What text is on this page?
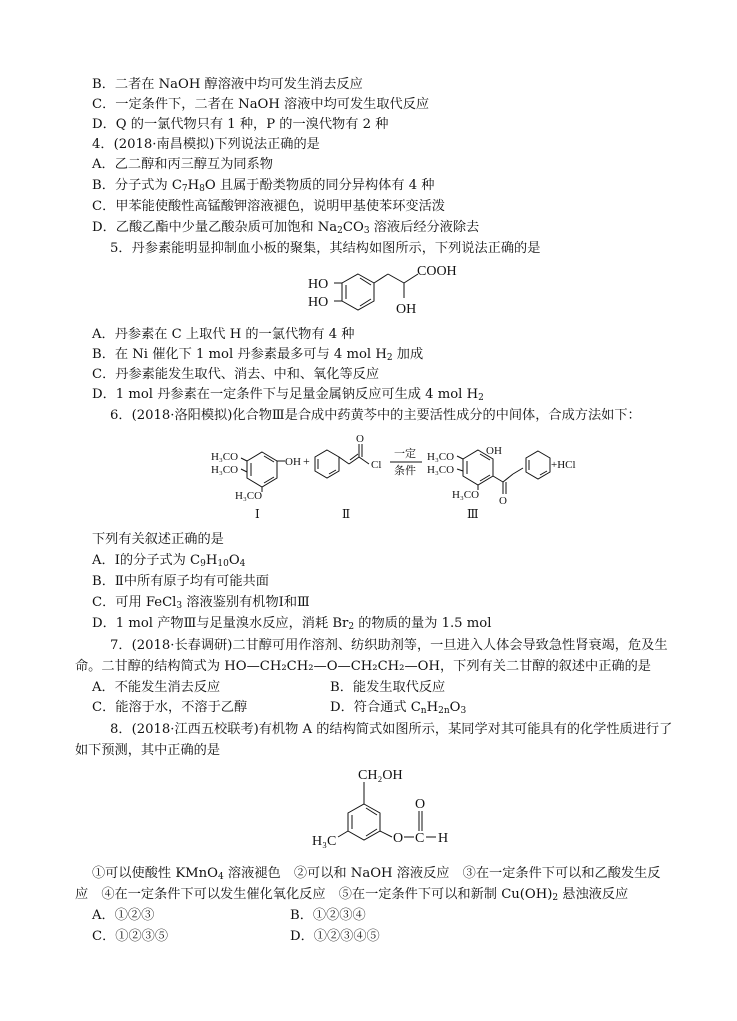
B．二者在 NaOH 醇溶液中均可发生消去反应
C．一定条件下，二者在 NaOH 溶液中均可发生取代反应
D．Q 的一氯代物只有 1 种，P 的一溴代物有 2 种
4．(2018·南昌模拟)下列说法正确的是
A．乙二醇和丙三醇互为同系物
B．分子式为 $C_7H_8O$ 且属于酚类物质的同分异构体有 4 种
C．甲苯能使酸性高锰酸钾溶液褪色，说明甲基使苯环变活泼
D．乙酸乙酯中少量乙酸杂质可加饱和 $Na_2CO_3$ 溶液后经分液除去
5．丹参素能明显抑制血小板的聚集，其结构如图所示，下列说法正确的是
COOH
HO
HO	OH
A．丹参素在 C 上取代 H 的一氯代物有 4 种
B．在 Ni 催化下 1 mol 丹参素最多可与 4 mol $H_2$ 加成
C．丹参素能发生取代、消去、中和、氧化等反应
D．1 mol 丹参素在一定条件下与足量金属钠反应可生成 4 mol $H_2$
6．(2018·洛阳模拟)化合物Ⅲ是合成中药黄芩中的主要活性成分的中间体，合成方法如下：
H₃CO
H₃CO
OH
H₃CO
+
O
Cl
一定
条件
H₃CO
H₃CO
OH
H₃CO O
+HCl
Ⅰ	Ⅱ	Ⅲ
下列有关叙述正确的是
A．Ⅰ的分子式为 $C_9H_{10}O_4$
B．Ⅱ中所有原子均有可能共面
C．可用 FeCl$_3$ 溶液鉴别有机物Ⅰ和Ⅲ
D．1 mol 产物Ⅲ与足量溴水反应，消耗 $Br_2$ 的物质的量为 1.5 mol
7．(2018·长春调研)二甘醇可用作溶剂、纺织助剂等，一旦进入人体会导致急性肾衰竭，危及生
命。二甘醇的结构简式为 HO—CH₂CH₂—O—CH₂CH₂—OH，下列有关二甘醇的叙述中正确的是
A．不能发生消去反应	B．能发生取代反应
C．能溶于水，不溶于乙醇	D．符合通式 $C_nH_{2n}O_3$
8．(2018·江西五校联考)有机物 A 的结构简式如图所示，某同学对其可能具有的化学性质进行了
如下预测，其中正确的是
CH₂OH
O
H₃C	O C H
①可以使酸性 KMnO$_4$ 溶液褪色　②可以和 NaOH 溶液反应　③在一定条件下可以和乙酸发生反
应　④在一定条件下可以发生催化氧化反应　⑤在一定条件下可以和新制 $Cu(OH)_2$ 悬浊液反应
A．①②③	B．①②③④
C．①②③⑤	D．①②③④⑤
